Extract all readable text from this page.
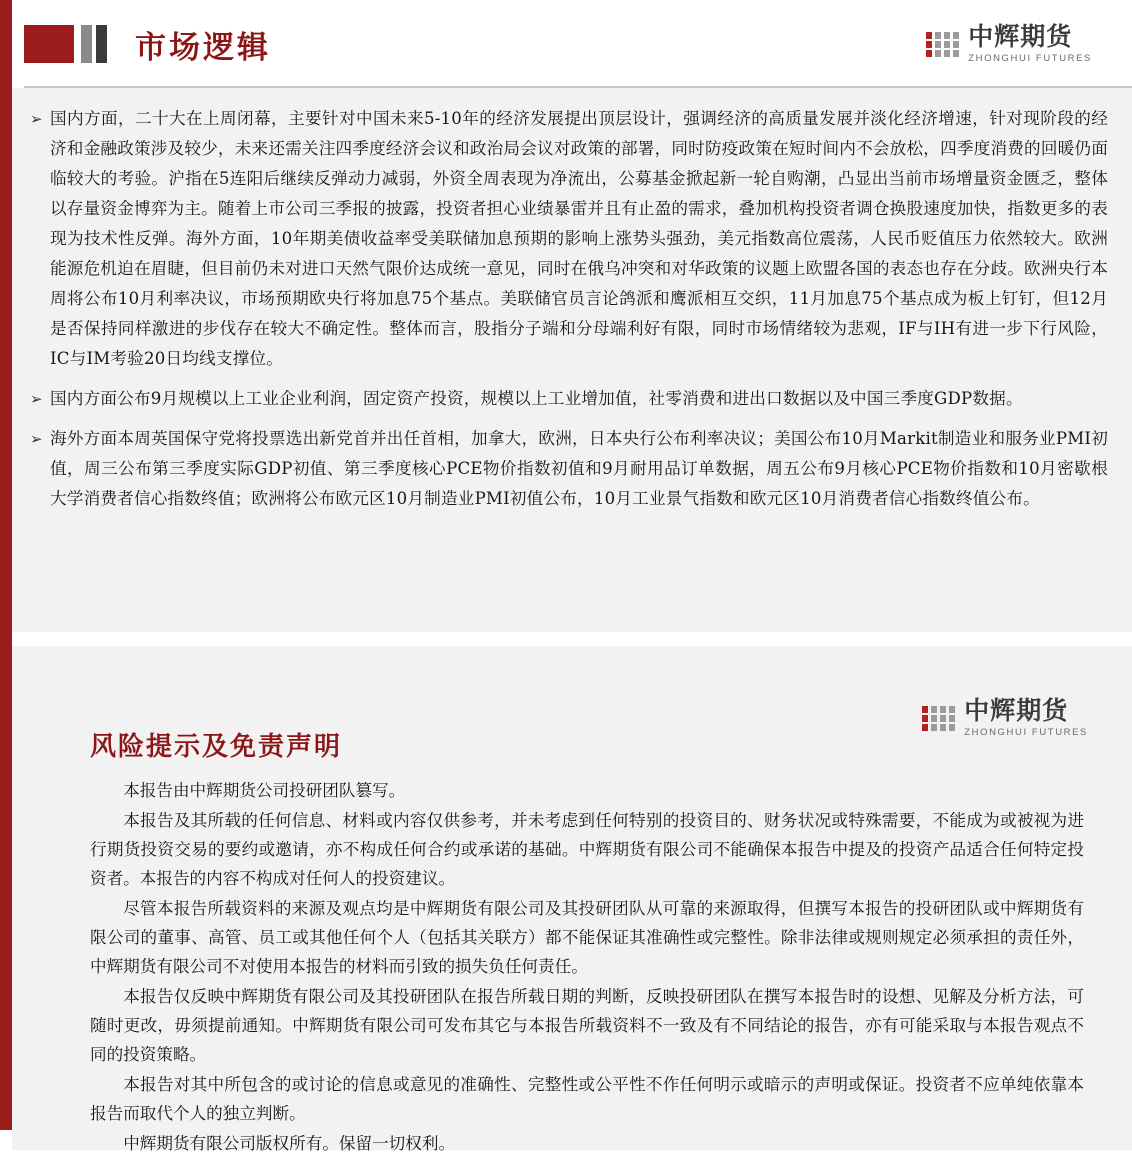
市场逻辑	中辉期货
ZHONGHUI FUTURES
➢ 国内方面，二十大在上周闭幕，主要针对中国未来5-10年的经济发展提出顶层设计，强调经济的高质量发展并淡化经济增速，针对现阶段的经济和金融政策涉及较少，未来还需关注四季度经济会议和政治局会议对政策的部署，同时防疫政策在短时间内不会放松，四季度消费的回暖仍面临较大的考验。沪指在5连阳后继续反弹动力减弱，外资全周表现为净流出，公募基金掀起新一轮自购潮，凸显出当前市场增量资金匮乏，整体以存量资金博弈为主。随着上市公司三季报的披露，投资者担心业绩暴雷并且有止盈的需求，叠加机构投资者调仓换股速度加快，指数更多的表现为技术性反弹。海外方面，10年期美债收益率受美联储加息预期的影响上涨势头强劲，美元指数高位震荡，人民币贬值压力依然较大。欧洲能源危机迫在眉睫，但目前仍未对进口天然气限价达成统一意见，同时在俄乌冲突和对华政策的议题上欧盟各国的表态也存在分歧。欧洲央行本周将公布10月利率决议，市场预期欧央行将加息75个基点。美联储官员言论鸽派和鹰派相互交织，11月加息75个基点成为板上钉钉，但12月是否保持同样激进的步伐存在较大不确定性。整体而言，股指分子端和分母端利好有限，同时市场情绪较为悲观，IF与IH有进一步下行风险，IC与IM考验20日均线支撑位。
➢ 国内方面公布9月规模以上工业企业利润，固定资产投资，规模以上工业增加值，社零消费和进出口数据以及中国三季度GDP数据。
➢ 海外方面本周英国保守党将投票选出新党首并出任首相，加拿大，欧洲，日本央行公布利率决议；美国公布10月Markit制造业和服务业PMI初值，周三公布第三季度实际GDP初值、第三季度核心PCE物价指数初值和9月耐用品订单数据，周五公布9月核心PCE物价指数和10月密歇根大学消费者信心指数终值；欧洲将公布欧元区10月制造业PMI初值公布，10月工业景气指数和欧元区10月消费者信心指数终值公布。
中辉期货
ZHONGHUI FUTURES
风险提示及免责声明

本报告由中辉期货公司投研团队篡写。

本报告及其所载的任何信息、材料或内容仅供参考，并未考虑到任何特别的投资目的、财务状况或特殊需要，不能成为或被视为进行期货投资交易的要约或邀请，亦不构成任何合约或承诺的基础。中辉期货有限公司不能确保本报告中提及的投资产品适合任何特定投资者。本报告的内容不构成对任何人的投资建议。

尽管本报告所载资料的来源及观点均是中辉期货有限公司及其投研团队从可靠的来源取得，但撰写本报告的投研团队或中辉期货有限公司的董事、高管、员工或其他任何个人（包括其关联方）都不能保证其准确性或完整性。除非法律或规则规定必须承担的责任外，中辉期货有限公司不对使用本报告的材料而引致的损失负任何责任。

本报告仅反映中辉期货有限公司及其投研团队在报告所载日期的判断，反映投研团队在撰写本报告时的设想、见解及分析方法，可随时更改，毋须提前通知。中辉期货有限公司可发布其它与本报告所载资料不一致及有不同结论的报告，亦有可能采取与本报告观点不同的投资策略。

本报告对其中所包含的或讨论的信息或意见的准确性、完整性或公平性不作任何明示或暗示的声明或保证。投资者不应单纯依靠本报告而取代个人的独立判断。

中辉期货有限公司版权所有。保留一切权利。
